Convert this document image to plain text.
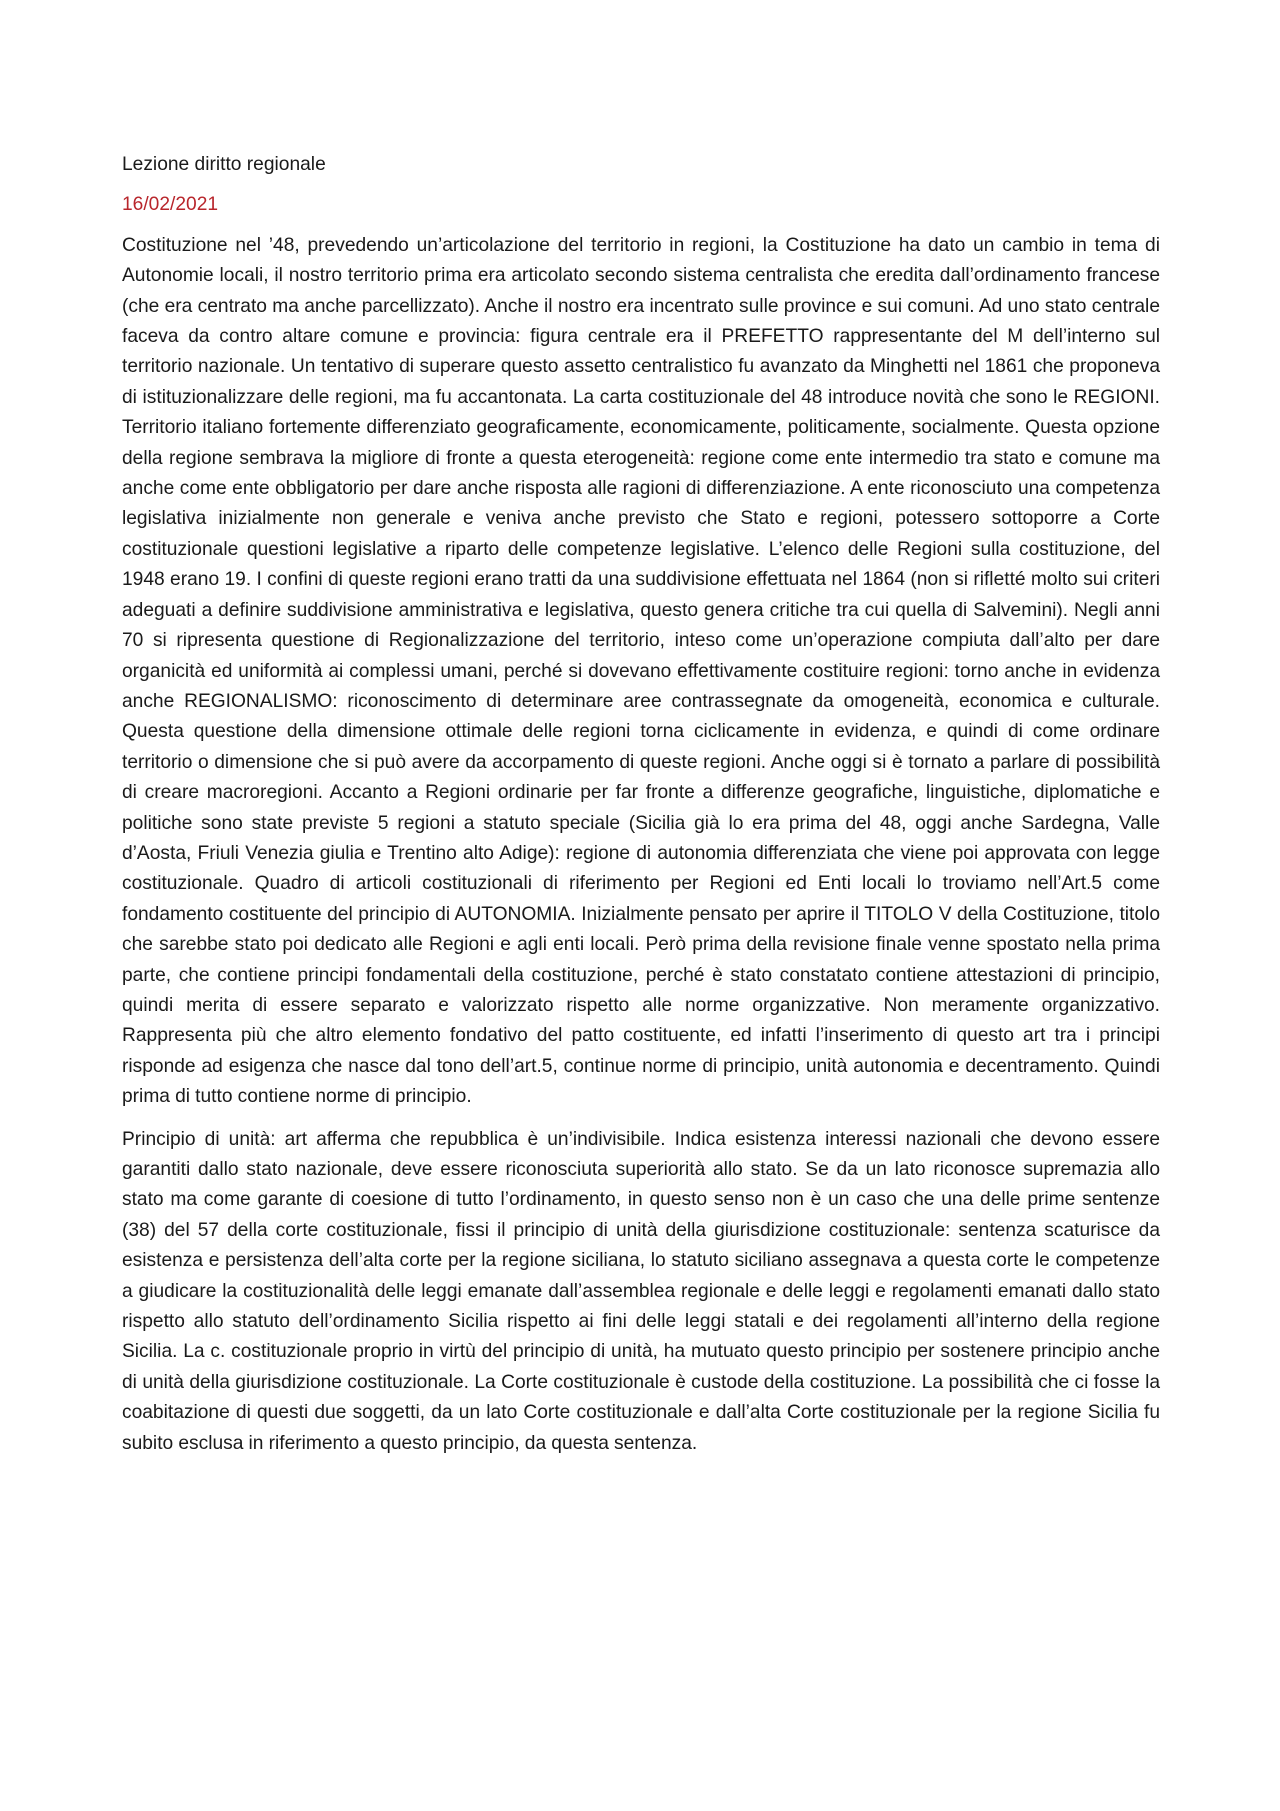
Lezione diritto regionale
16/02/2021

Costituzione nel ’48, prevedendo un’articolazione del territorio in regioni, la Costituzione ha dato un cambio in tema di Autonomie locali, il nostro territorio prima era articolato secondo sistema centralista che eredita dall’ordinamento francese (che era centrato ma anche parcellizzato). Anche il nostro era incentrato sulle province e sui comuni. Ad uno stato centrale faceva da contro altare comune e provincia: figura centrale era il PREFETTO rappresentante del M dell’interno sul territorio nazionale. Un tentativo di superare questo assetto centralistico fu avanzato da Minghetti nel 1861 che proponeva di istituzionalizzare delle regioni, ma fu accantonata. La carta costituzionale del 48 introduce novità che sono le REGIONI. Territorio italiano fortemente differenziato geograficamente, economicamente, politicamente, socialmente. Questa opzione della regione sembrava la migliore di fronte a questa eterogeneità: regione come ente intermedio tra stato e comune ma anche come ente obbligatorio per dare anche risposta alle ragioni di differenziazione. A ente riconosciuto una competenza legislativa inizialmente non generale e veniva anche previsto che Stato e regioni, potessero sottoporre a Corte costituzionale questioni legislative a riparto delle competenze legislative. L’elenco delle Regioni sulla costituzione, del 1948 erano 19. I confini di queste regioni erano tratti da una suddivisione effettuata nel 1864 (non si rifletté molto sui criteri adeguati a definire suddivisione amministrativa e legislativa, questo genera critiche tra cui quella di Salvemini). Negli anni 70 si ripresenta questione di Regionalizzazione del territorio, inteso come un’operazione compiuta dall’alto per dare organicità ed uniformità ai complessi umani, perché si dovevano effettivamente costituire regioni: torno anche in evidenza anche REGIONALISMO: riconoscimento di determinare aree contrassegnate da omogeneità, economica e culturale. Questa questione della dimensione ottimale delle regioni torna ciclicamente in evidenza, e quindi di come ordinare territorio o dimensione che si può avere da accorpamento di queste regioni. Anche oggi si è tornato a parlare di possibilità di creare macroregioni. Accanto a Regioni ordinarie per far fronte a differenze geografiche, linguistiche, diplomatiche e politiche sono state previste 5 regioni a statuto speciale (Sicilia già lo era prima del 48, oggi anche Sardegna, Valle d’Aosta, Friuli Venezia giulia e Trentino alto Adige): regione di autonomia differenziata che viene poi approvata con legge costituzionale. Quadro di articoli costituzionali di riferimento per Regioni ed Enti locali lo troviamo nell’Art.5 come fondamento costituente del principio di AUTONOMIA. Inizialmente pensato per aprire il TITOLO V della Costituzione, titolo che sarebbe stato poi dedicato alle Regioni e agli enti locali. Però prima della revisione finale venne spostato nella prima parte, che contiene principi fondamentali della costituzione, perché è stato constatato contiene attestazioni di principio, quindi merita di essere separato e valorizzato rispetto alle norme organizzative. Non meramente organizzativo. Rappresenta più che altro elemento fondativo del patto costituente, ed infatti l’inserimento di questo art tra i principi risponde ad esigenza che nasce dal tono dell’art.5, continue norme di principio, unità autonomia e decentramento. Quindi prima di tutto contiene norme di principio.

Principio di unità: art afferma che repubblica è un’indivisibile. Indica esistenza interessi nazionali che devono essere garantiti dallo stato nazionale, deve essere riconosciuta superiorità allo stato. Se da un lato riconosce supremazia allo stato ma come garante di coesione di tutto l’ordinamento, in questo senso non è un caso che una delle prime sentenze (38) del 57 della corte costituzionale, fissi il principio di unità della giurisdizione costituzionale: sentenza scaturisce da esistenza e persistenza dell’alta corte per la regione siciliana, lo statuto siciliano assegnava a questa corte le competenze a giudicare la costituzionalità delle leggi emanate dall’assemblea regionale e delle leggi e regolamenti emanati dallo stato rispetto allo statuto dell’ordinamento Sicilia rispetto ai fini delle leggi statali e dei regolamenti all’interno della regione Sicilia. La c. costituzionale proprio in virtù del principio di unità, ha mutuato questo principio per sostenere principio anche di unità della giurisdizione costituzionale. La Corte costituzionale è custode della costituzione. La possibilità che ci fosse la coabitazione di questi due soggetti, da un lato Corte costituzionale e dall’alta Corte costituzionale per la regione Sicilia fu subito esclusa in riferimento a questo principio, da questa sentenza.
